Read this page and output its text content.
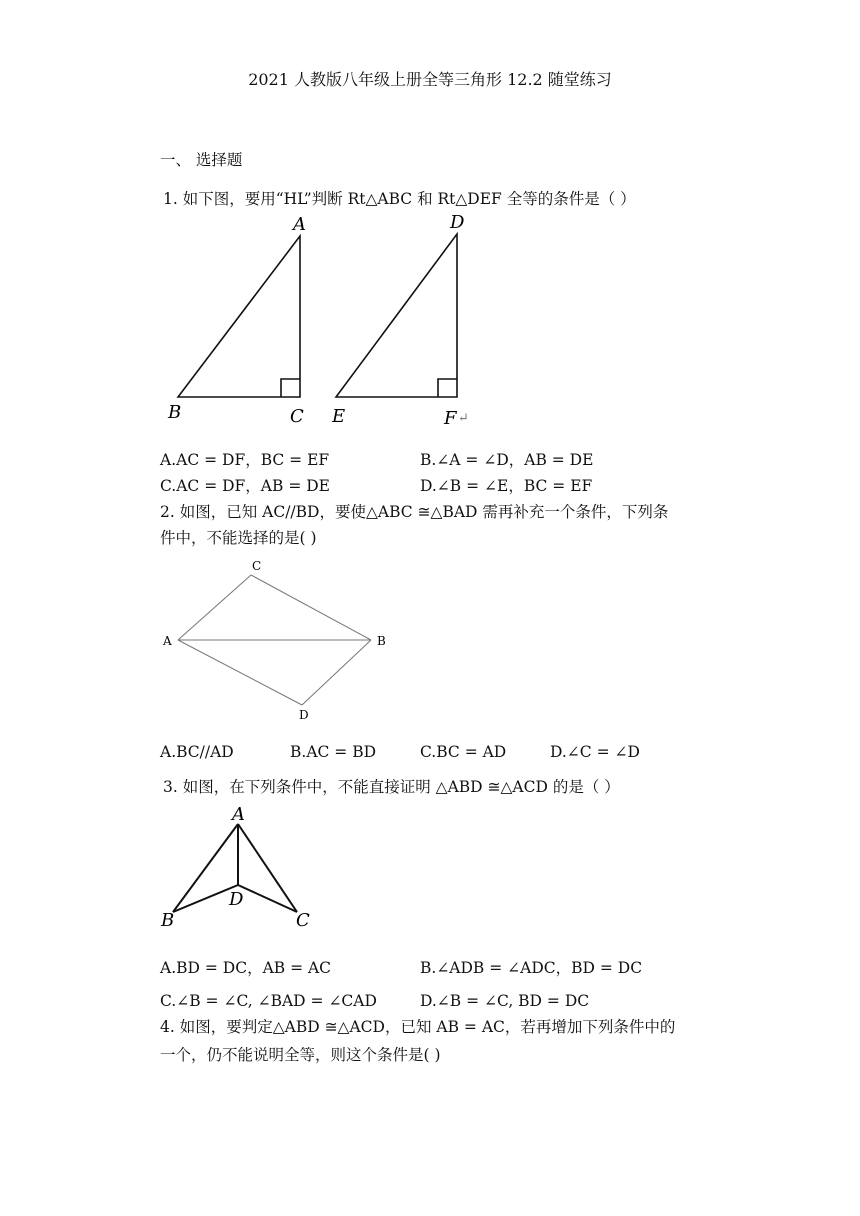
2021 人教版八年级上册全等三角形 12.2 随堂练习
一、 选择题
1. 如下图，要用“HL”判断 Rt△ABC 和 Rt△DEF 全等的条件是（ ）
A
B	C
D
E	F ↵
A.AC = DF，BC = EF	B.∠A = ∠D，AB = DE
C.AC = DF，AB = DE	D.∠B = ∠E，BC = EF
2. 如图，已知 AC//BD，要使△ABC ≅△BAD 需再补充一个条件，下列条
件中，不能选择的是( )
A	B
C
D
A.BC//AD	B.AC = BD	C.BC = AD	D.∠C = ∠D
3. 如图，在下列条件中，不能直接证明 △ABD ≅△ACD 的是（ ）
A
B	C
D
A.BD = DC，AB = AC	B.∠ADB = ∠ADC，BD = DC
C.∠B = ∠C, ∠BAD = ∠CAD	D.∠B = ∠C, BD = DC
4. 如图，要判定△ABD ≅△ACD，已知 AB = AC，若再增加下列条件中的
一个，仍不能说明全等，则这个条件是( )
